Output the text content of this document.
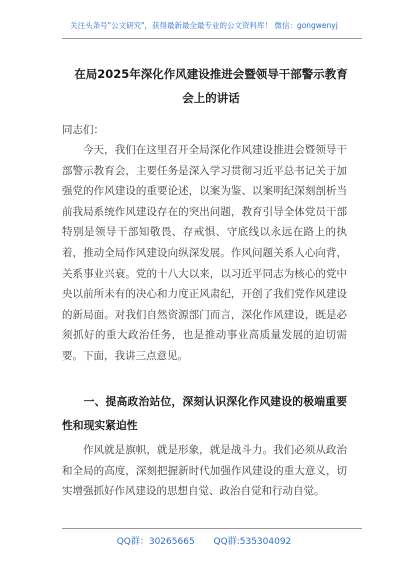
关注头条号"公文研究"，获得最新最全最专业的公文资料库！ 微信：gongwenyj
在局2025年深化作风建设推进会暨领导干部警示教育会上的讲话
同志们：
今天，我们在这里召开全局深化作风建设推进会暨领导干部警示教育会，主要任务是深入学习贯彻习近平总书记关于加强党的作风建设的重要论述，以案为鉴、以案明纪深刻剖析当前我局系统作风建设存在的突出问题，教育引导全体党员干部特别是领导干部知敬畏、存戒惧、守底线以永远在路上的执着，推动全局作风建设向纵深发展。作风问题关系人心向背，关系事业兴衰。党的十八大以来，以习近平同志为核心的党中央以前所未有的决心和力度正风肃纪，开创了我们党作风建设的新局面。对我们自然资源部门而言，深化作风建设，既是必须抓好的重大政治任务，也是推动事业高质量发展的迫切需要。下面，我讲三点意见。
一、提高政治站位，深刻认识深化作风建设的极端重要性和现实紧迫性
作风就是旗帜，就是形象，就是战斗力。我们必须从政治和全局的高度，深刻把握新时代加强作风建设的重大意义，切实增强抓好作风建设的思想自觉、政治自觉和行动自觉。
QQ群：30265665 QQ群:535304092
